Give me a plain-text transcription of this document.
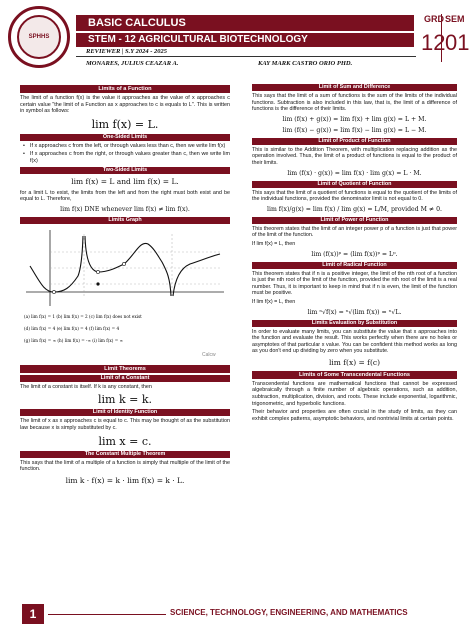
SPHHS
BASIC CALCULUS
STEM - 12 AGRICULTURAL BIOTECHNOLOGY
REVIEWER | S.Y 2024 - 2025
MONARES, JULIUS CEAZAR A.	KAY MARK CASTRO ORIO PHD.
GRD SEM
12 01
Limits of a Function
The limit of a function f(x) is the value it approaches as the value of x approaches c certain value "the limit of a Function as x approaches to c is equals to L". This is written in symbol as follows:
lim f(x) = L.
One-Sided Limits
• If x approaches c from the left, or through values less than c, then we write lim f(x)
• If x approaches c from the right, or through values greater than c, then we write lim f(x)
Two-Sided Limits
lim f(x) = L and lim f(x) = L.
for a limit L to exist, the limits from the left and from the right must both exist and be equal to L. Therefore,
lim f(x) DNE whenever lim f(x) ≠ lim f(x).
Limits Graph
(a) lim f(x) = 1 (b) lim f(x) = 2 (c) lim f(x) does not exist
(d) lim f(x) = 4 (e) lim f(x) = 4 (f) lim f(x) = 4
(g) lim f(x) = ∞ (h) lim f(x) = -∞ (i) lim f(x) = ∞
Calcw
Limit Theorems
Limit of a Constant
The limit of a constant is itself. If k is any constant, then
lim k = k.
Limit of Identity Function
The limit of x as x approaches c is equal to c. This may be thought of as the substitution law because x is simply substituted by c.
lim x = c.
The Constant Multiple Theorem
This says that the limit of a multiple of a function is simply that multiple of the limit of the function.
lim k · f(x) = k · lim f(x) = k · L.
Limit of Sum and Difference
This says that the limit of a sum of functions is the sum of the limits of the individual functions. Subtraction is also included in this law, that is, the limit of a difference of functions is the difference of their limits.
lim (f(x) + g(x)) = lim f(x) + lim g(x) = L + M.
lim (f(x) − g(x)) = lim f(x) − lim g(x) = L − M.
Limit of Product of Function
This is similar to the Addition Theorem, with multiplication replacing addition as the operation involved. Thus, the limit of a product of functions is equal to the product of their limits.
lim (f(x) · g(x)) = lim f(x) · lim g(x) = L · M.
Limit of Quotient of Function
This says that the limit of a quotient of functions is equal to the quotient of the limits of the individual functions, provided the denominator limit is not equal to 0.
lim f(x)/g(x) = lim f(x) / lim g(x) = L/M, provided M ≠ 0.
Limit of Power of Function
This theorem states that the limit of an integer power p of a function is just that power of the limit of the function.
If lim f(x) = L, then
lim (f(x))ᵖ = (lim f(x))ᵖ = Lᵖ.
Limit of Radical Function
This theorem states that if n is a positive integer, the limit of the nth root of a function is just the nth root of the limit of the function, provided the nth root of the limit is a real number. Thus, it is important to keep in mind that if n is even, the limit of the function must be positive.
If lim f(x) = L, then
lim ⁿ√f(x) = ⁿ√(lim f(x)) = ⁿ√L.
Limits Evaluation by Substitution
In order to evaluate many limits, you can substitute the value that x approaches into the function and evaluate the result. This works perfectly when there are no holes or asymptotes of that particular x value. You can be confident this method works as long as you don't end up dividing by zero when you substitute.
lim f(x) = f(c)
Limits of Some Transcendental Functions
Transcendental functions are mathematical functions that cannot be expressed algebraically through a finite number of algebraic operations, such as addition, subtraction, multiplication, division, and roots. These include exponential, logarithmic, trigonometric, and hyperbolic functions.
Their behavior and properties are often crucial in the study of limits, as they can exhibit complex patterns, asymptotic behaviors, and nontrivial limits at certain points.
1	SCIENCE, TECHNOLOGY, ENGINEERING, AND MATHEMATICS
